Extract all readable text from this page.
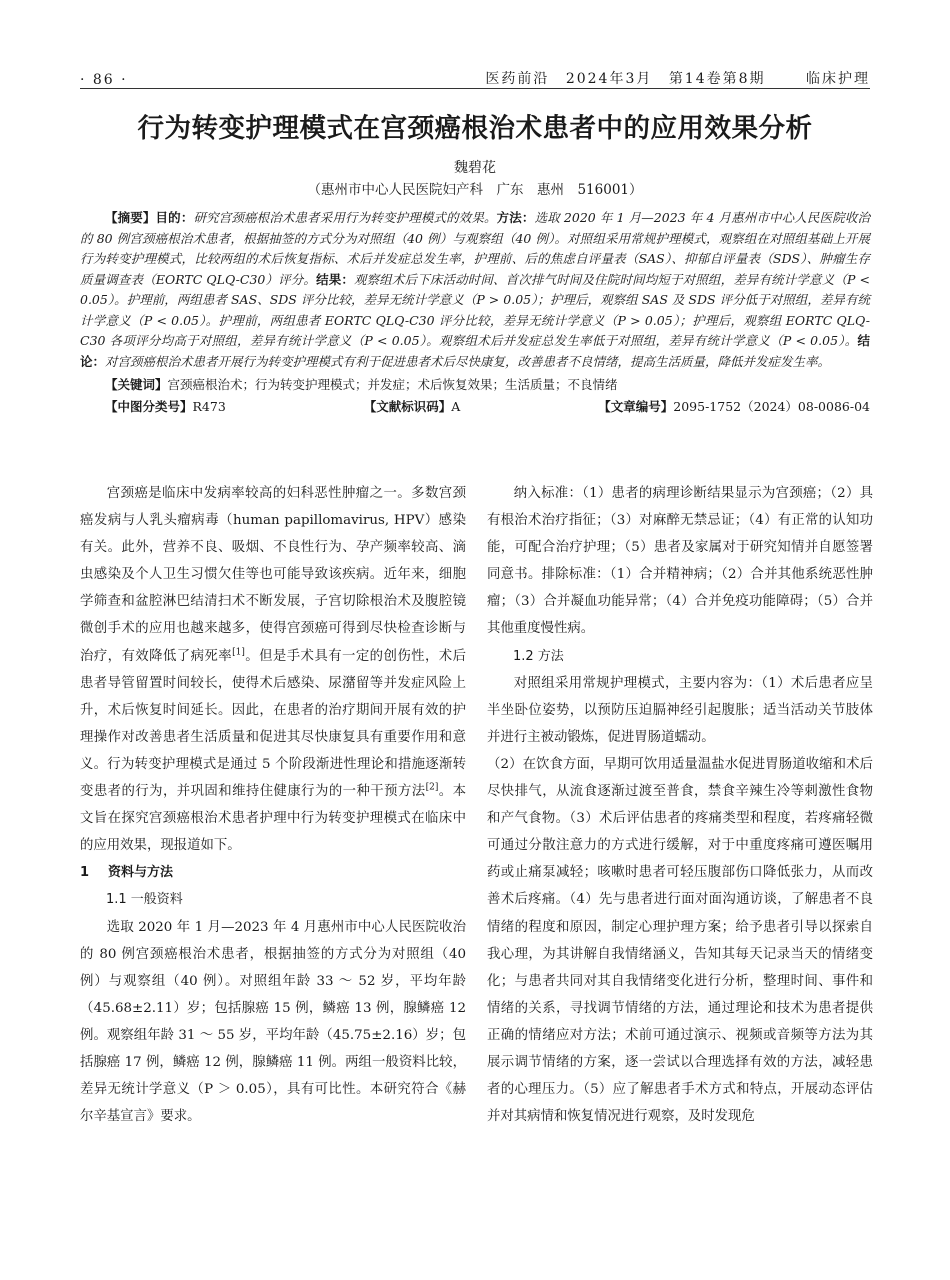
· 86 ·	医药前沿 2024年3月 第14卷第8期	临床护理
行为转变护理模式在宫颈癌根治术患者中的应用效果分析
魏碧花
（惠州市中心人民医院妇产科　广东　惠州　516001）

【摘要】目的：研究宫颈癌根治术患者采用行为转变护理模式的效果。方法：选取 2020 年 1 月—2023 年 4 月惠州市中心人民医院收治的 80 例宫颈癌根治术患者，根据抽签的方式分为对照组（40 例）与观察组（40 例）。对照组采用常规护理模式，观察组在对照组基础上开展行为转变护理模式，比较两组的术后恢复指标、术后并发症总发生率，护理前、后的焦虑自评量表（SAS）、抑郁自评量表（SDS）、肿瘤生存质量调查表（EORTC QLQ-C30）评分。结果：观察组术后下床活动时间、首次排气时间及住院时间均短于对照组，差异有统计学意义（P < 0.05）。护理前，两组患者 SAS、SDS 评分比较，差异无统计学意义（P > 0.05）；护理后，观察组 SAS 及 SDS 评分低于对照组，差异有统计学意义（P < 0.05）。护理前，两组患者 EORTC QLQ-C30 评分比较，差异无统计学意义（P > 0.05）；护理后，观察组 EORTC QLQ-C30 各项评分均高于对照组，差异有统计学意义（P < 0.05）。观察组术后并发症总发生率低于对照组，差异有统计学意义（P < 0.05）。结论：对宫颈癌根治术患者开展行为转变护理模式有利于促进患者术后尽快康复，改善患者不良情绪，提高生活质量，降低并发症发生率。

【关键词】宫颈癌根治术；行为转变护理模式；并发症；术后恢复效果；生活质量；不良情绪

【中图分类号】R473	【文献标识码】A	【文章编号】2095-1752（2024）08-0086-04

宫颈癌是临床中发病率较高的妇科恶性肿瘤之一。多数宫颈癌发病与人乳头瘤病毒（human papillomavirus, HPV）感染有关。此外，营养不良、吸烟、不良性行为、孕产频率较高、滴虫感染及个人卫生习惯欠佳等也可能导致该疾病。近年来，细胞学筛查和盆腔淋巴结清扫术不断发展，子宫切除根治术及腹腔镜微创手术的应用也越来越多，使得宫颈癌可得到尽快检查诊断与治疗，有效降低了病死率[1]。但是手术具有一定的创伤性，术后患者导管留置时间较长，使得术后感染、尿潴留等并发症风险上升，术后恢复时间延长。因此，在患者的治疗期间开展有效的护理操作对改善患者生活质量和促进其尽快康复具有重要作用和意义。行为转变护理模式是通过 5 个阶段渐进性理论和措施逐渐转变患者的行为，并巩固和维持住健康行为的一种干预方法[2]。本文旨在探究宫颈癌根治术患者护理中行为转变护理模式在临床中的应用效果，现报道如下。

1 资料与方法

1.1 一般资料

选取 2020 年 1 月—2023 年 4 月惠州市中心人民医院收治的 80 例宫颈癌根治术患者，根据抽签的方式分为对照组（40 例）与观察组（40 例）。对照组年龄 33 ～ 52 岁，平均年龄（45.68±2.11）岁；包括腺癌 15 例，鳞癌 13 例，腺鳞癌 12 例。观察组年龄 31 ～ 55 岁，平均年龄（45.75±2.16）岁；包括腺癌 17 例，鳞癌 12 例，腺鳞癌 11 例。两组一般资料比较，差异无统计学意义（P ＞ 0.05），具有可比性。本研究符合《赫尔辛基宣言》要求。

纳入标准：（1）患者的病理诊断结果显示为宫颈癌；（2）具有根治术治疗指征；（3）对麻醉无禁忌证；（4）有正常的认知功能，可配合治疗护理；（5）患者及家属对于研究知情并自愿签署同意书。排除标准：（1）合并精神病；（2）合并其他系统恶性肿瘤；（3）合并凝血功能异常；（4）合并免疫功能障碍；（5）合并其他重度慢性病。

1.2 方法

对照组采用常规护理模式，主要内容为：（1）术后患者应呈半坐卧位姿势，以预防压迫膈神经引起腹胀；适当活动关节肢体并进行主被动锻炼，促进胃肠道蠕动。

（2）在饮食方面，早期可饮用适量温盐水促进胃肠道收缩和术后尽快排气，从流食逐渐过渡至普食，禁食辛辣生冷等刺激性食物和产气食物。（3）术后评估患者的疼痛类型和程度，若疼痛轻微可通过分散注意力的方式进行缓解，对于中重度疼痛可遵医嘱用药或止痛泵减轻；咳嗽时患者可轻压腹部伤口降低张力，从而改善术后疼痛。（4）先与患者进行面对面沟通访谈，了解患者不良情绪的程度和原因，制定心理护理方案；给予患者引导以探索自我心理，为其讲解自我情绪涵义，告知其每天记录当天的情绪变化；与患者共同对其自我情绪变化进行分析，整理时间、事件和情绪的关系，寻找调节情绪的方法，通过理论和技术为患者提供正确的情绪应对方法；术前可通过演示、视频或音频等方法为其展示调节情绪的方案，逐一尝试以合理选择有效的方法，减轻患者的心理压力。（5）应了解患者手术方式和特点，开展动态评估并对其病情和恢复情况进行观察，及时发现危
